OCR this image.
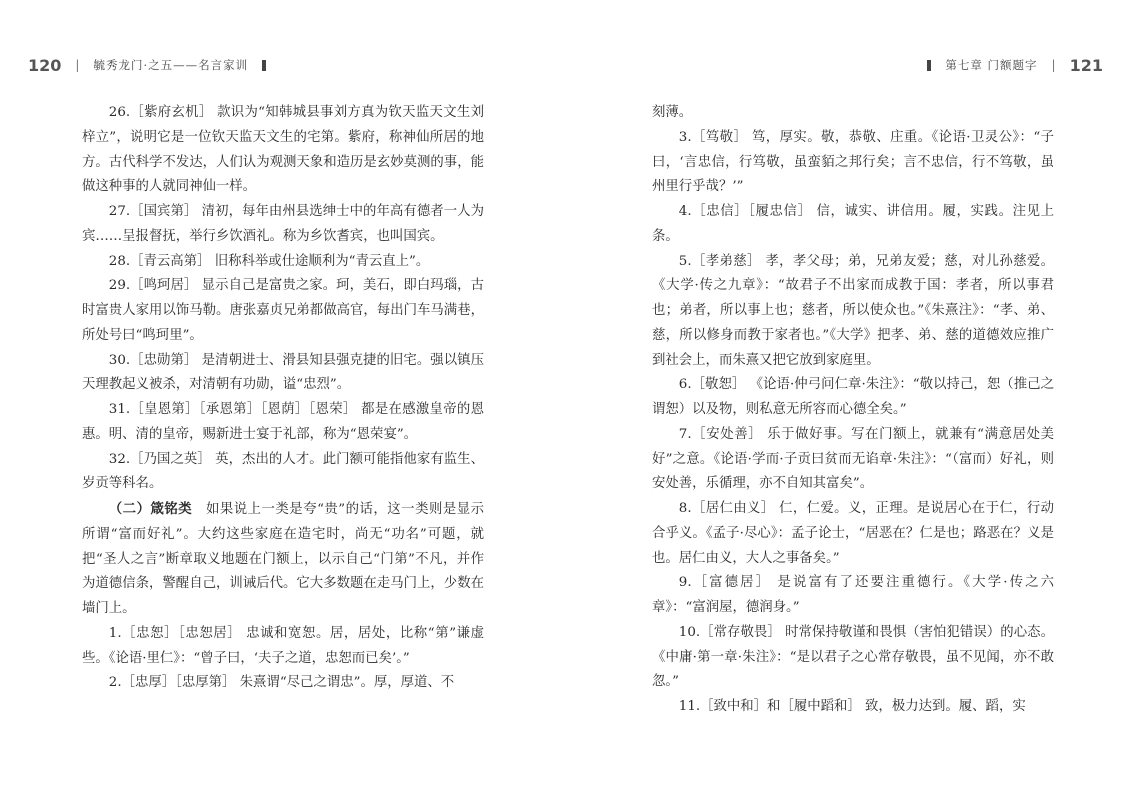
120 | 毓秀龙门·之五——名言家训

26.［紫府玄机］ 款识为“知韩城县事刘方真为钦天监天文生刘梓立”，说明它是一位钦天监天文生的宅第。紫府，称神仙所居的地方。古代科学不发达，人们认为观测天象和造历是玄妙莫测的事，能做这种事的人就同神仙一样。

27.［国宾第］ 清初，每年由州县选绅士中的年高有德者一人为宾……呈报督抚，举行乡饮酒礼。称为乡饮耆宾，也叫国宾。

28.［青云高第］ 旧称科举或仕途顺利为“青云直上”。

29.［鸣珂居］ 显示自己是富贵之家。珂，美石，即白玛瑙，古时富贵人家用以饰马勒。唐张嘉贞兄弟都做高官，每出门车马满巷，所处号曰“鸣珂里”。

30.［忠勋第］ 是清朝进士、滑县知县强克捷的旧宅。强以镇压天理教起义被杀，对清朝有功勋，谥“忠烈”。

31.［皇恩第］［承恩第］［恩荫］［恩荣］ 都是在感激皇帝的恩惠。明、清的皇帝，赐新进士宴于礼部，称为“恩荣宴”。

32.［乃国之英］ 英，杰出的人才。此门额可能指他家有监生、岁贡等科名。

（二）箴铭类　 如果说上一类是夸“贵”的话，这一类则是显示所谓“富而好礼”。大约这些家庭在造宅时，尚无“功名”可题，就把“圣人之言”断章取义地题在门额上，以示自己“门第”不凡，并作为道德信条，警醒自己，训诫后代。它大多数题在走马门上，少数在墙门上。

1.［忠恕］［忠恕居］ 忠诚和宽恕。居，居处，比称“第”谦虚些。《论语·里仁》：“曾子曰，‘夫子之道，忠恕而已矣’。”

2.［忠厚］［忠厚第］ 朱熹谓“尽己之谓忠”。厚，厚道、不

第七章 门额题字 | 121

刻薄。

3.［笃敬］ 笃，厚实。敬，恭敬、庄重。《论语·卫灵公》：“子曰，‘言忠信，行笃敬，虽蛮貊之邦行矣；言不忠信，行不笃敬，虽州里行乎哉？’”

4.［忠信］［履忠信］ 信，诚实、讲信用。履，实践。注见上条。

5.［孝弟慈］ 孝，孝父母；弟，兄弟友爱；慈，对儿孙慈爱。《大学·传之九章》：“故君子不出家而成教于国：孝者，所以事君也；弟者，所以事上也；慈者，所以使众也。”《朱熹注》：“孝、弟、慈，所以修身而教于家者也。”《大学》把孝、弟、慈的道德效应推广到社会上，而朱熹又把它放到家庭里。

6.［敬恕］ 《论语·仲弓问仁章·朱注》：“敬以持己，恕（推己之谓恕）以及物，则私意无所容而心德全矣。”

7.［安处善］ 乐于做好事。写在门额上，就兼有“满意居处美好”之意。《论语·学而·子贡曰贫而无谄章·朱注》：“（富而）好礼，则安处善，乐循理，亦不自知其富矣”。

8.［居仁由义］ 仁，仁爱。义，正理。是说居心在于仁，行动合乎义。《孟子·尽心》：孟子论士，“居恶在？仁是也；路恶在？义是也。居仁由义，大人之事备矣。”

9.［富德居］ 是说富有了还要注重德行。《大学·传之六章》：“富润屋，德润身。”

10.［常存敬畏］ 时常保持敬谨和畏惧（害怕犯错误）的心态。《中庸·第一章·朱注》：“是以君子之心常存敬畏，虽不见闻，亦不敢忽。”

11.［致中和］和［履中蹈和］ 致，极力达到。履、蹈，实
